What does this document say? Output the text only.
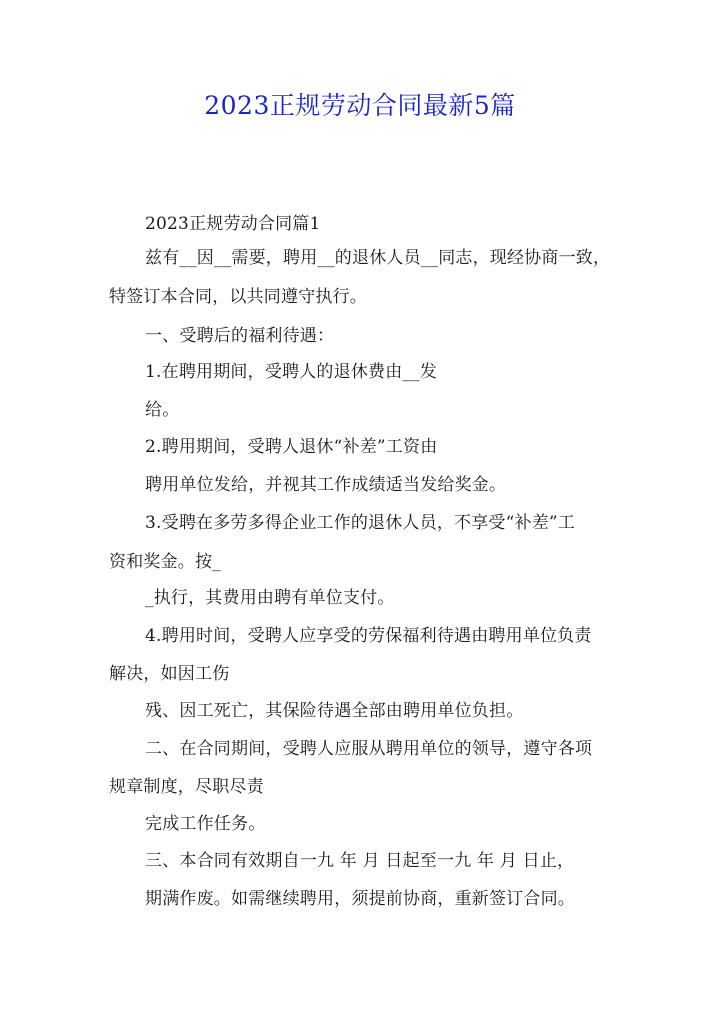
2023正规劳动合同最新5篇
2023正规劳动合同篇1
兹有__因__需要，聘用__的退休人员__同志，现经协商一致，
特签订本合同，以共同遵守执行。
一、受聘后的福利待遇：
1.在聘用期间，受聘人的退休费由__发
给。
2.聘用期间，受聘人退休“补差”工资由
聘用单位发给，并视其工作成绩适当发给奖金。
3.受聘在多劳多得企业工作的退休人员，不享受“补差”工
资和奖金。按_
_执行，其费用由聘有单位支付。
4.聘用时间，受聘人应享受的劳保福利待遇由聘用单位负责
解决，如因工伤
残、因工死亡，其保险待遇全部由聘用单位负担。
二、在合同期间，受聘人应服从聘用单位的领导，遵守各项
规章制度，尽职尽责
完成工作任务。
三、本合同有效期自一九 年 月 日起至一九 年 月 日止，
期满作废。如需继续聘用，须提前协商，重新签订合同。
